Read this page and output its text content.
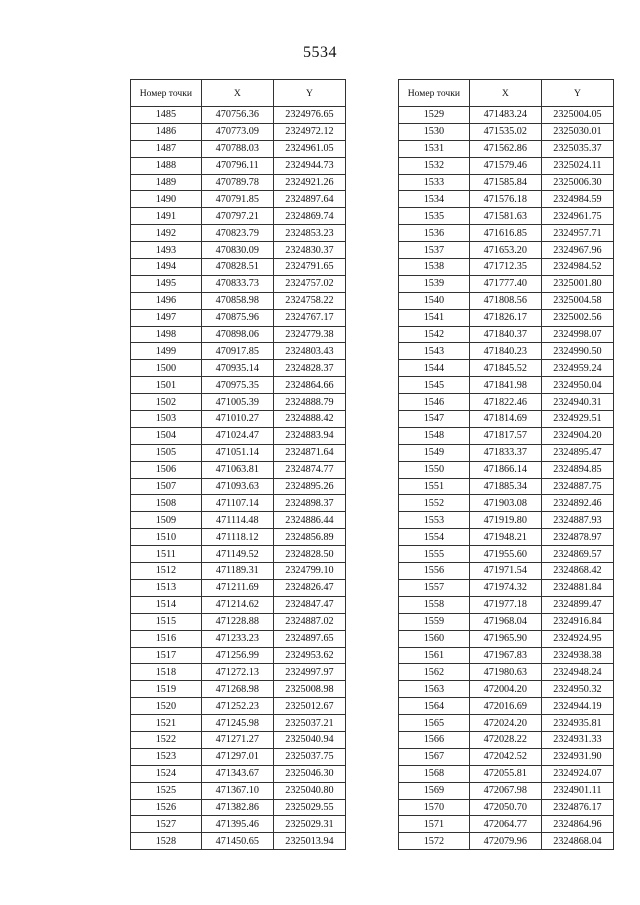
5534
Номер точки	X	Y
1485	470756.36	2324976.65
1486	470773.09	2324972.12
1487	470788.03	2324961.05
1488	470796.11	2324944.73
1489	470789.78	2324921.26
1490	470791.85	2324897.64
1491	470797.21	2324869.74
1492	470823.79	2324853.23
1493	470830.09	2324830.37
1494	470828.51	2324791.65
1495	470833.73	2324757.02
1496	470858.98	2324758.22
1497	470875.96	2324767.17
1498	470898.06	2324779.38
1499	470917.85	2324803.43
1500	470935.14	2324828.37
1501	470975.35	2324864.66
1502	471005.39	2324888.79
1503	471010.27	2324888.42
1504	471024.47	2324883.94
1505	471051.14	2324871.64
1506	471063.81	2324874.77
1507	471093.63	2324895.26
1508	471107.14	2324898.37
1509	471114.48	2324886.44
1510	471118.12	2324856.89
1511	471149.52	2324828.50
1512	471189.31	2324799.10
1513	471211.69	2324826.47
1514	471214.62	2324847.47
1515	471228.88	2324887.02
1516	471233.23	2324897.65
1517	471256.99	2324953.62
1518	471272.13	2324997.97
1519	471268.98	2325008.98
1520	471252.23	2325012.67
1521	471245.98	2325037.21
1522	471271.27	2325040.94
1523	471297.01	2325037.75
1524	471343.67	2325046.30
1525	471367.10	2325040.80
1526	471382.86	2325029.55
1527	471395.46	2325029.31
1528	471450.65	2325013.94
Номер точки	X	Y
1529	471483.24	2325004.05
1530	471535.02	2325030.01
1531	471562.86	2325035.37
1532	471579.46	2325024.11
1533	471585.84	2325006.30
1534	471576.18	2324984.59
1535	471581.63	2324961.75
1536	471616.85	2324957.71
1537	471653.20	2324967.96
1538	471712.35	2324984.52
1539	471777.40	2325001.80
1540	471808.56	2325004.58
1541	471826.17	2325002.56
1542	471840.37	2324998.07
1543	471840.23	2324990.50
1544	471845.52	2324959.24
1545	471841.98	2324950.04
1546	471822.46	2324940.31
1547	471814.69	2324929.51
1548	471817.57	2324904.20
1549	471833.37	2324895.47
1550	471866.14	2324894.85
1551	471885.34	2324887.75
1552	471903.08	2324892.46
1553	471919.80	2324887.93
1554	471948.21	2324878.97
1555	471955.60	2324869.57
1556	471971.54	2324868.42
1557	471974.32	2324881.84
1558	471977.18	2324899.47
1559	471968.04	2324916.84
1560	471965.90	2324924.95
1561	471967.83	2324938.38
1562	471980.63	2324948.24
1563	472004.20	2324950.32
1564	472016.69	2324944.19
1565	472024.20	2324935.81
1566	472028.22	2324931.33
1567	472042.52	2324931.90
1568	472055.81	2324924.07
1569	472067.98	2324901.11
1570	472050.70	2324876.17
1571	472064.77	2324864.96
1572	472079.96	2324868.04
